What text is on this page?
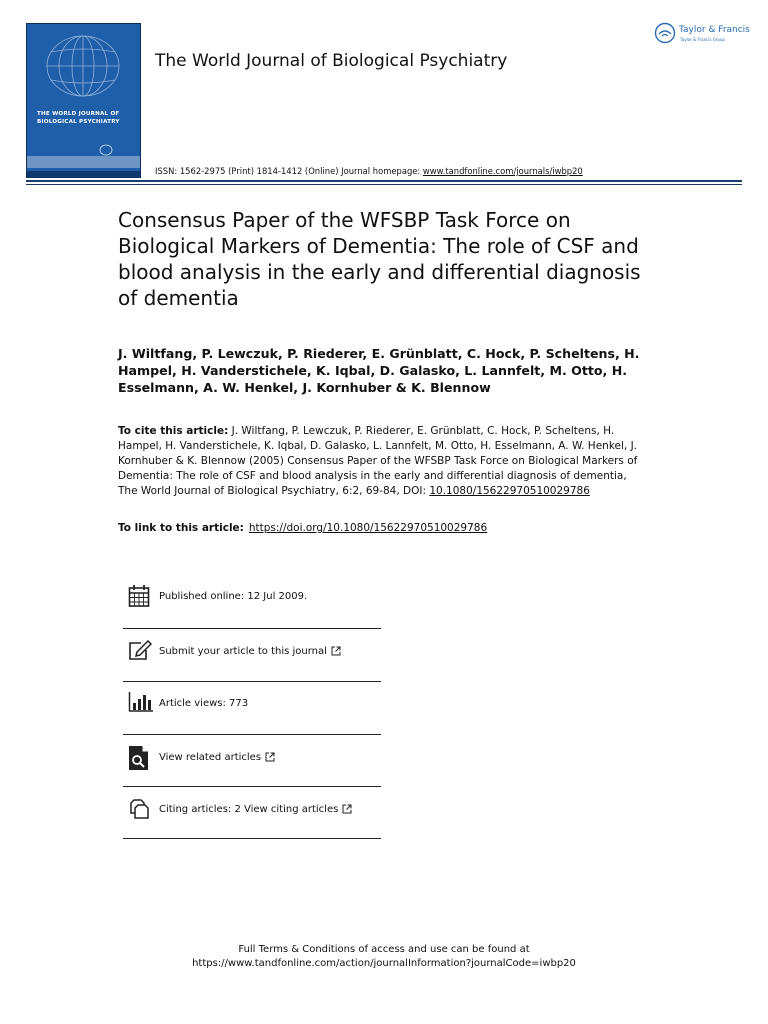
THE WORLD JOURNAL OF
BIOLOGICAL PSYCHIATRY
The World Journal of Biological Psychiatry
Taylor & Francis
Taylor & Francis Group
ISSN: 1562-2975 (Print) 1814-1412 (Online) Journal homepage: www.tandfonline.com/journals/iwbp20
Consensus Paper of the WFSBP Task Force on Biological Markers of Dementia: The role of CSF and blood analysis in the early and differential diagnosis of dementia
J. Wiltfang, P. Lewczuk, P. Riederer, E. Grünblatt, C. Hock, P. Scheltens, H. Hampel, H. Vanderstichele, K. Iqbal, D. Galasko, L. Lannfelt, M. Otto, H. Esselmann, A. W. Henkel, J. Kornhuber & K. Blennow
To cite this article: J. Wiltfang, P. Lewczuk, P. Riederer, E. Grünblatt, C. Hock, P. Scheltens, H. Hampel, H. Vanderstichele, K. Iqbal, D. Galasko, L. Lannfelt, M. Otto, H. Esselmann, A. W. Henkel, J. Kornhuber & K. Blennow (2005) Consensus Paper of the WFSBP Task Force on Biological Markers of Dementia: The role of CSF and blood analysis in the early and differential diagnosis of dementia, The World Journal of Biological Psychiatry, 6:2, 69-84, DOI: 10.1080/15622970510029786
To link to this article: https://doi.org/10.1080/15622970510029786
Published online: 12 Jul 2009.
Submit your article to this journal
Article views: 773
View related articles
Citing articles: 2 View citing articles
Full Terms & Conditions of access and use can be found at
https://www.tandfonline.com/action/journalInformation?journalCode=iwbp20
